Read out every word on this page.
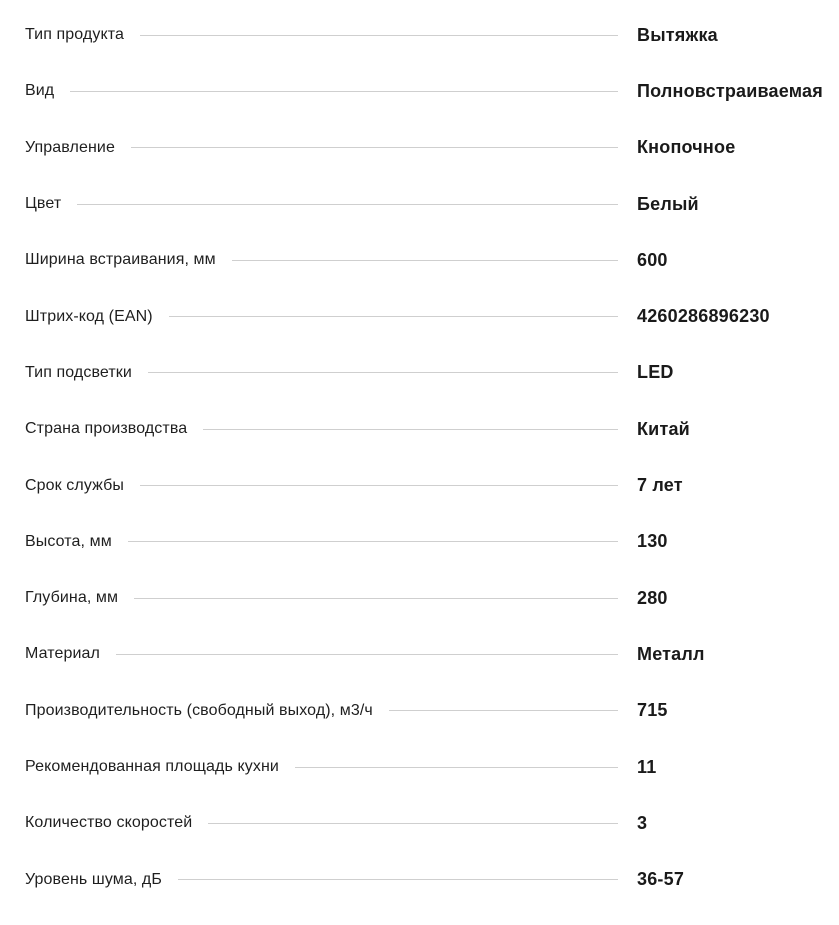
Тип продукта	Вытяжка
Вид	Полновстраиваемая
Управление	Кнопочное
Цвет	Белый
Ширина встраивания, мм	600
Штрих-код (EAN)	4260286896230
Тип подсветки	LED
Страна производства	Китай
Срок службы	7 лет
Высота, мм	130
Глубина, мм	280
Материал	Металл
Производительность (свободный выход), м3/ч	715
Рекомендованная площадь кухни	11
Количество скоростей	3
Уровень шума, дБ	36-57
